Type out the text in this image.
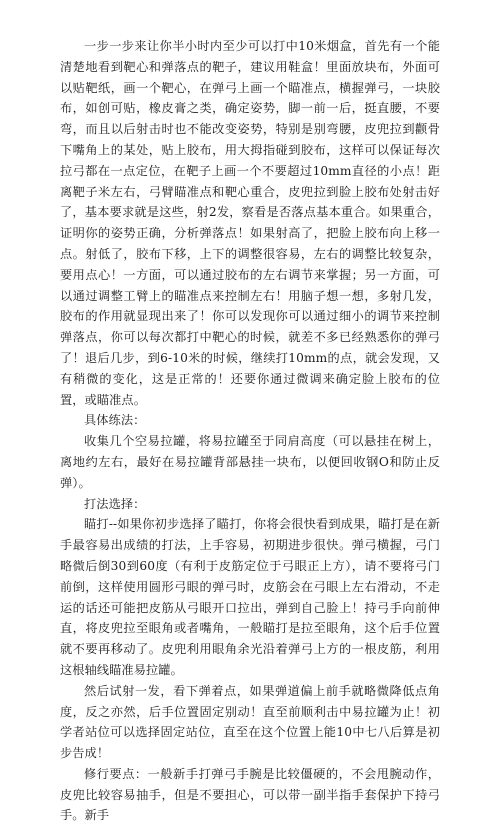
一步一步来让你半小时内至少可以打中10米烟盒，首先有一个能清楚地看到靶心和弹落点的靶子，建议用鞋盒！里面放块布，外面可以贴靶纸，画一个靶心，在弹弓上画一个瞄准点，横握弹弓，一块胶布，如创可贴，橡皮膏之类，确定姿势，脚一前一后，挺直腰，不要弯，而且以后射击时也不能改变姿势，特别是别弯腰，皮兜拉到颧骨下嘴角上的某处，贴上胶布，用大拇指碰到胶布，这样可以保证每次拉弓都在一点定位，在靶子上画一个不要超过10mm直径的小点！距离靶子米左右，弓臂瞄准点和靶心重合，皮兜拉到脸上胶布处射击好了，基本要求就是这些，射2发，察看是否落点基本重合。如果重合，证明你的姿势正确，分析弹落点！如果射高了，把脸上胶布向上移一点。射低了，胶布下移，上下的调整很容易，左右的调整比较复杂，要用点心！一方面，可以通过胶布的左右调节来掌握；另一方面，可以通过调整工臂上的瞄准点来控制左右！用脑子想一想，多射几发，胶布的作用就显现出来了！你可以发现你可以通过细小的调节来控制弹落点，你可以每次都打中靶心的时候，就差不多已经熟悉你的弹弓了！退后几步，到6-10米的时候，继续打10mm的点，就会发现，又有稍微的变化，这是正常的！还要你通过微调来确定脸上胶布的位置，或瞄准点。

具体练法：

收集几个空易拉罐，将易拉罐至于同肩高度（可以悬挂在树上，离地约左右，最好在易拉罐背部悬挂一块布，以便回收钢O和防止反弹）。

打法选择：

瞄打--如果你初步选择了瞄打，你将会很快看到成果，瞄打是在新手最容易出成绩的打法，上手容易，初期进步很快。弹弓横握，弓门略微后倒30到60度（有利于皮筋定位于弓眼正上方），请不要将弓门前倒，这样使用圆形弓眼的弹弓时，皮筋会在弓眼上左右滑动，不走运的话还可能把皮筋从弓眼开口拉出，弹到自己脸上！持弓手向前伸直，将皮兜拉至眼角或者嘴角，一般瞄打是拉至眼角，这个后手位置就不要再移动了。皮兜利用眼角余光沿着弹弓上方的一根皮筋，利用这根轴线瞄准易拉罐。

然后试射一发，看下弹着点，如果弹道偏上前手就略微降低点角度，反之亦然，后手位置固定别动！直至前顺利击中易拉罐为止！初学者站位可以选择固定站位，直至在这个位置上能10中七八后算是初步告成！

修行要点：一般新手打弹弓手腕是比较僵硬的，不会甩腕动作，皮兜比较容易抽手，但是不要担心，可以带一副半指手套保护下持弓手。新手
